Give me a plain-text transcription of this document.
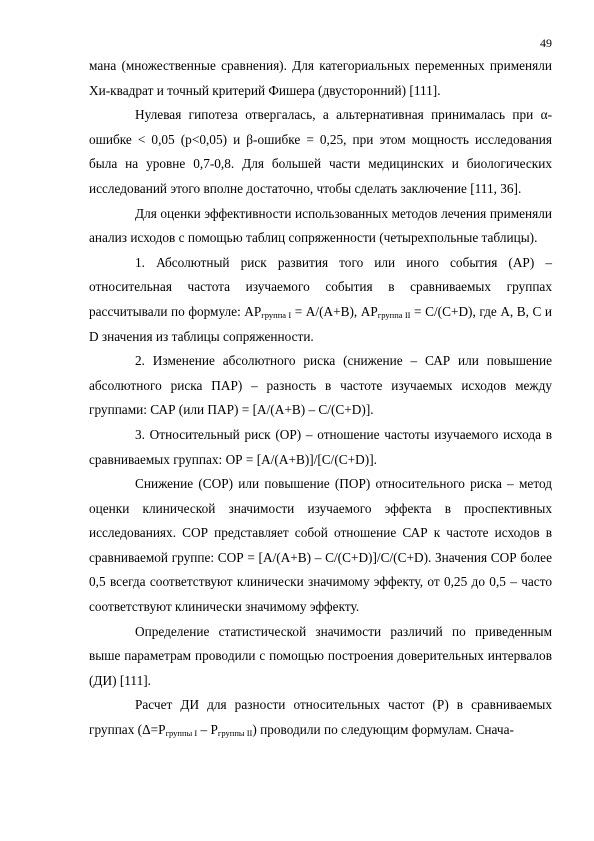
49

мана (множественные сравнения). Для категориальных переменных применяли Хи-квадрат и точный критерий Фишера (двусторонний) [111].

Нулевая гипотеза отвергалась, а альтернативная принималась при α-ошибке < 0,05 (p<0,05) и β-ошибке = 0,25, при этом мощность исследования была на уровне 0,7-0,8. Для большей части медицинских и биологических исследований этого вполне достаточно, чтобы сделать заключение [111, 36].

Для оценки эффективности использованных методов лечения применяли анализ исходов с помощью таблиц сопряженности (четырехпольные таблицы).

1. Абсолютный риск развития того или иного события (АР) – относительная частота изучаемого события в сравниваемых группах рассчитывали по формуле: $АР_{группа I} = А/(А+В)$, $АР_{группа II} = С/(С+D)$, где А, В, С и D значения из таблицы сопряженности.

2. Изменение абсолютного риска (снижение – САР или повышение абсолютного риска ПАР) – разность в частоте изучаемых исходов между группами: САР (или ПАР) = [А/(А+В) – С/(С+D)].

3. Относительный риск (ОР) – отношение частоты изучаемого исхода в сравниваемых группах: ОР = [А/(А+В)]/[С/(С+D)].

Снижение (СОР) или повышение (ПОР) относительного риска – метод оценки клинической значимости изучаемого эффекта в проспективных исследованиях. СОР представляет собой отношение САР к частоте исходов в сравниваемой группе: СОР = [А/(А+В) – С/(С+D)]/С/(С+D). Значения СОР более 0,5 всегда соответствуют клинически значимому эффекту, от 0,25 до 0,5 – часто соответствуют клинически значимому эффекту.

Определение статистической значимости различий по приведенным выше параметрам проводили с помощью построения доверительных интервалов (ДИ) [111].

Расчет ДИ для разности относительных частот (Р) в сравниваемых группах $(\Delta=Р_{группы I} - Р_{группы II})$ проводили по следующим формулам. Снача-
